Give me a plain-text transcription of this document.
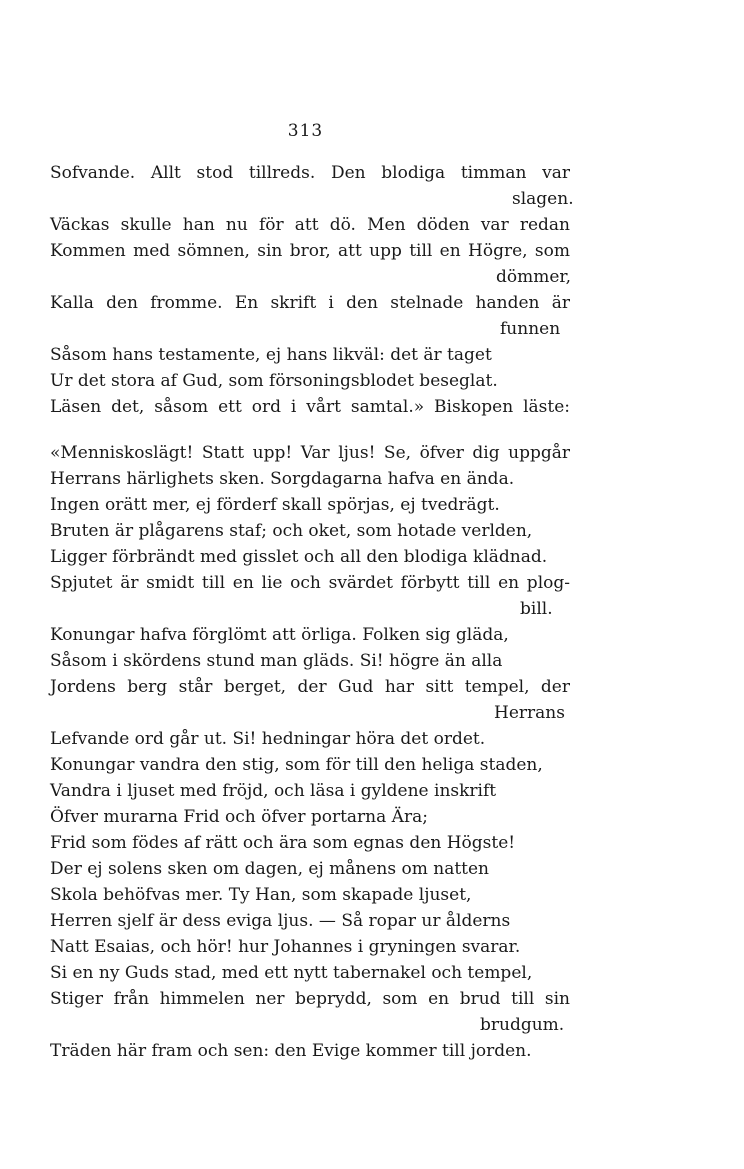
313
Sofvande. Allt stod tillreds. Den blodiga timman var
slagen.
Väckas skulle han nu för att dö. Men döden var redan
Kommen med sömnen, sin bror, att upp till en Högre, som
dömmer,
Kalla den fromme. En skrift i den stelnade handen är
funnen
Såsom hans testamente, ej hans likväl: det är taget
Ur det stora af Gud, som försoningsblodet beseglat.
Läsen det, såsom ett ord i vårt samtal.» Biskopen läste:
«Menniskoslägt! Statt upp! Var ljus! Se, öfver dig uppgår
Herrans härlighets sken. Sorgdagarna hafva en ända.
Ingen orätt mer, ej förderf skall spörjas, ej tvedrägt.
Bruten är plågarens staf; och oket, som hotade verlden,
Ligger förbrändt med gisslet och all den blodiga klädnad.
Spjutet är smidt till en lie och svärdet förbytt till en plog-
bill.
Konungar hafva förglömt att örliga. Folken sig gläda,
Såsom i skördens stund man gläds. Si! högre än alla
Jordens berg står berget, der Gud har sitt tempel, der
Herrans
Lefvande ord går ut. Si! hedningar höra det ordet.
Konungar vandra den stig, som för till den heliga staden,
Vandra i ljuset med fröjd, och läsa i gyldene inskrift
Öfver murarna Frid och öfver portarna Ära;
Frid som födes af rätt och ära som egnas den Högste!
Der ej solens sken om dagen, ej månens om natten
Skola behöfvas mer. Ty Han, som skapade ljuset,
Herren sjelf är dess eviga ljus. — Så ropar ur ålderns
Natt Esaias, och hör! hur Johannes i gryningen svarar.
Si en ny Guds stad, med ett nytt tabernakel och tempel,
Stiger från himmelen ner beprydd, som en brud till sin
brudgum.
Träden här fram och sen: den Evige kommer till jorden.
